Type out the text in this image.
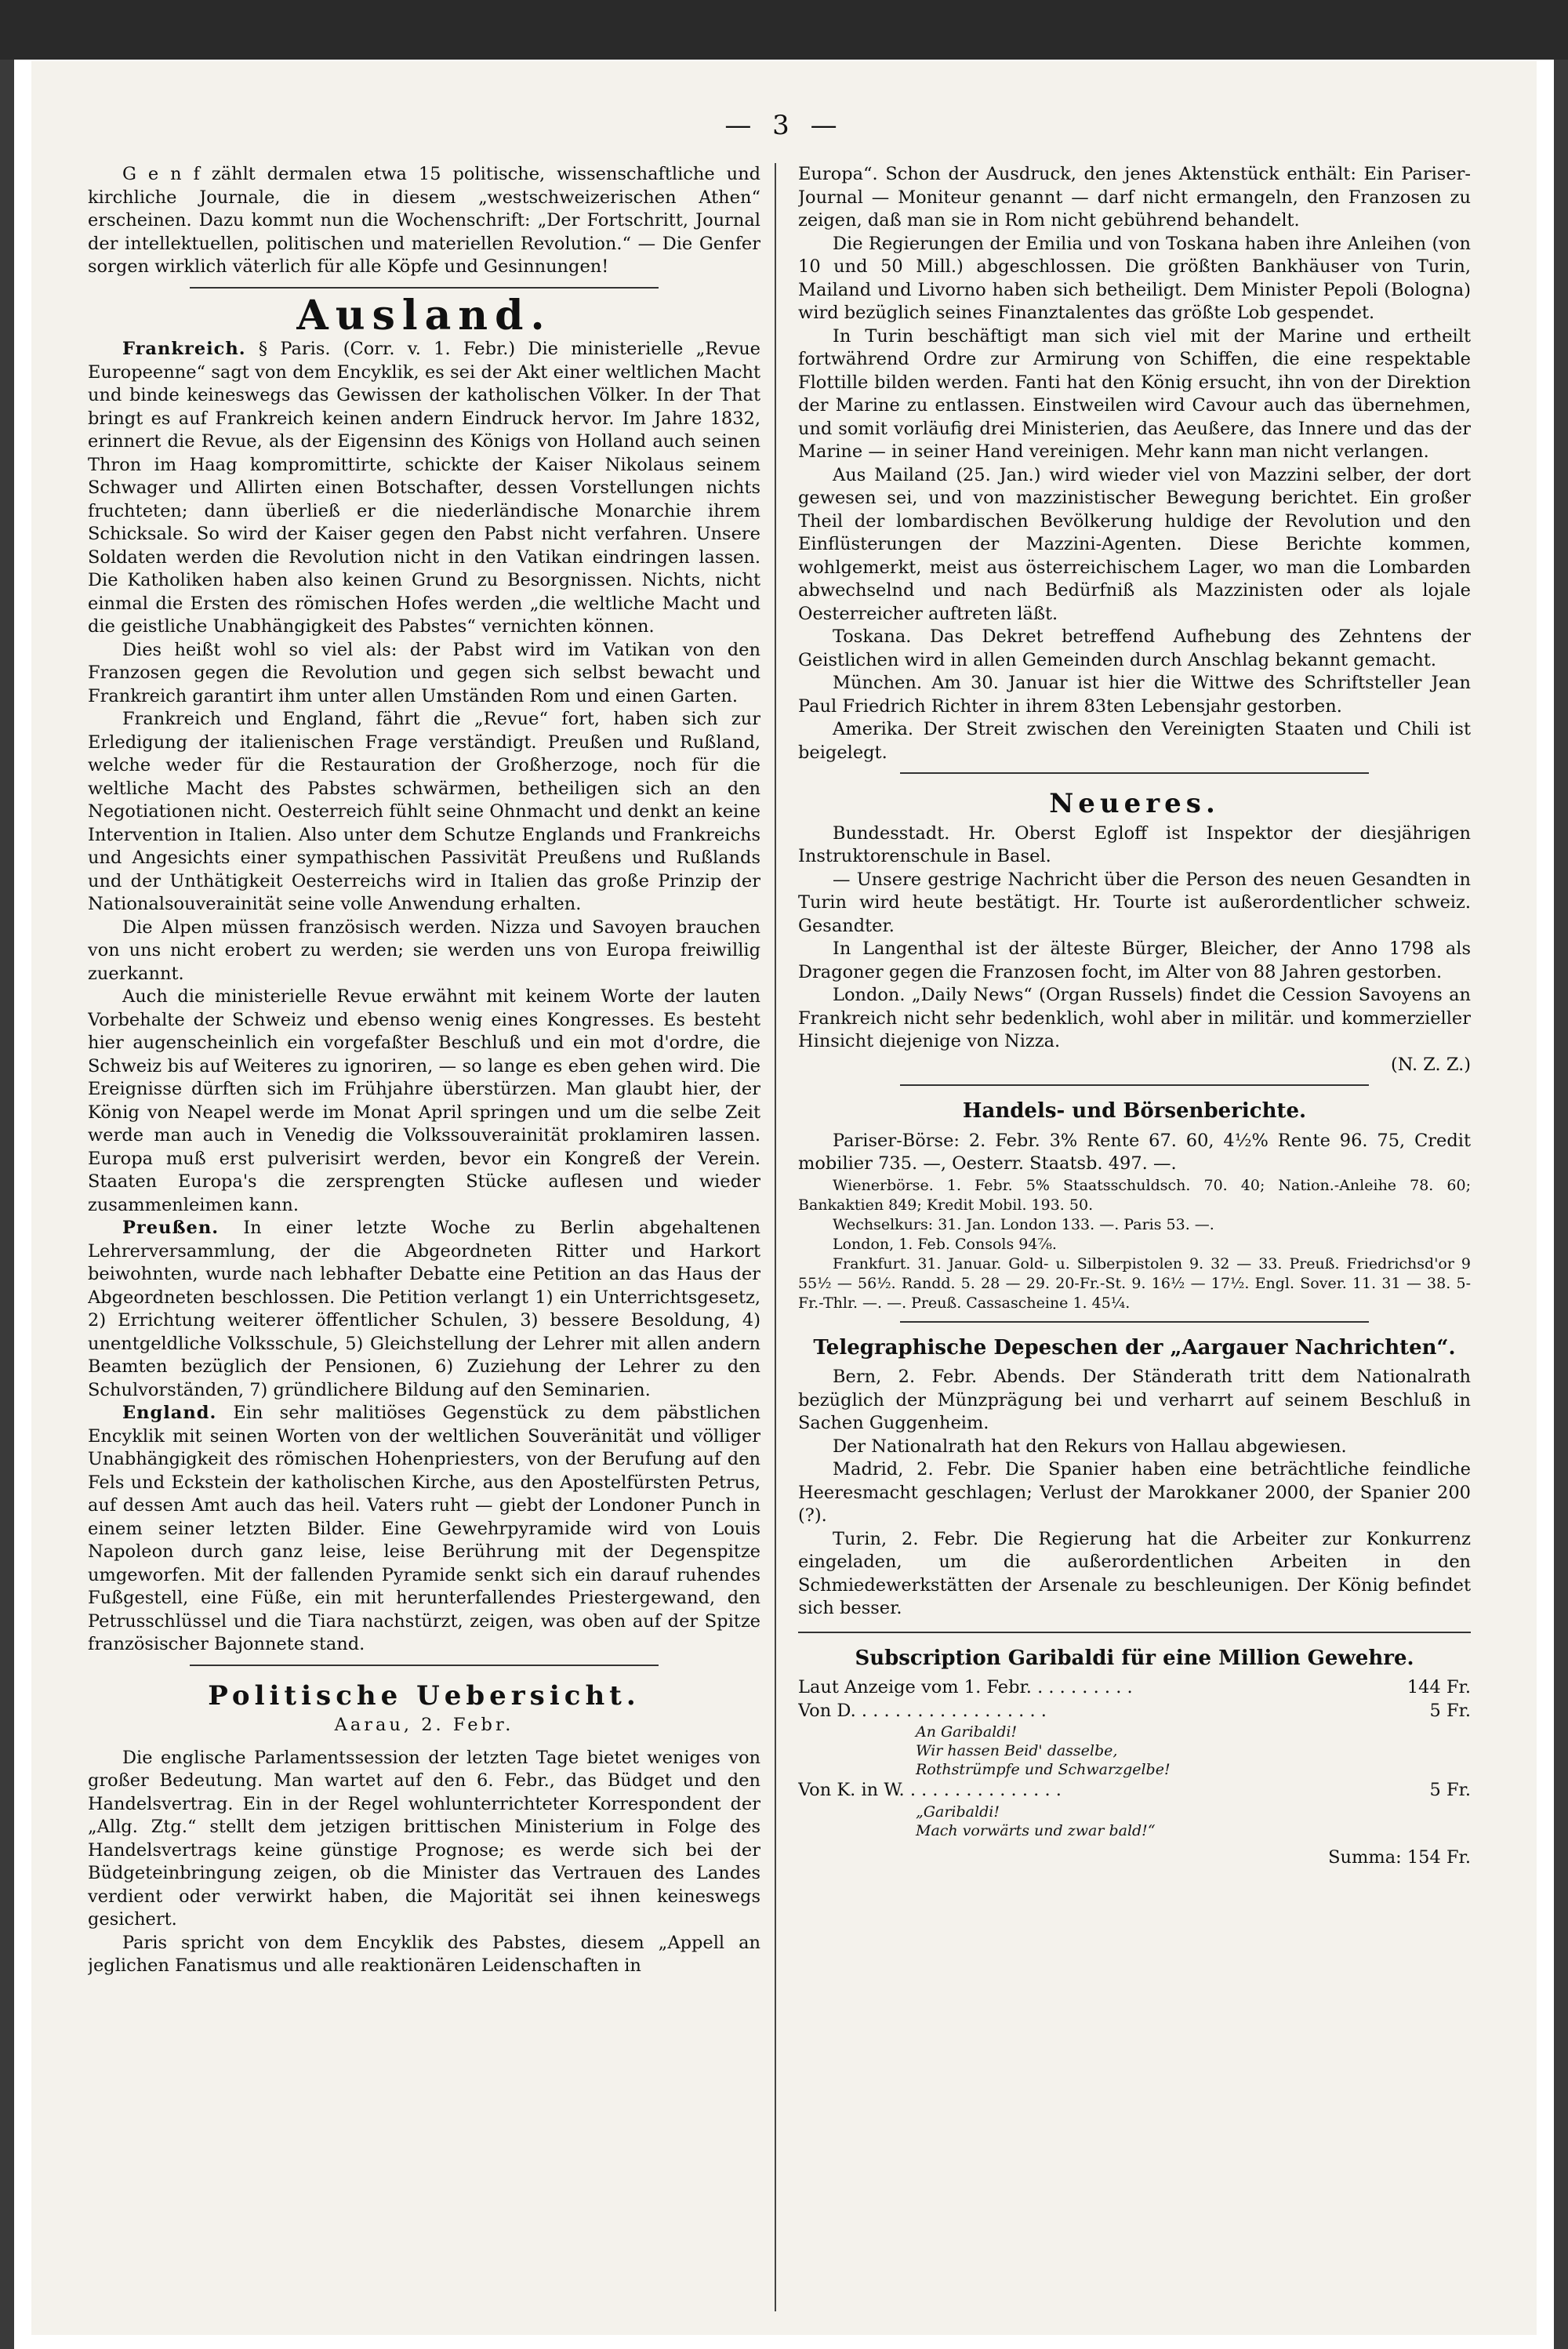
— 3 —

G e n f zählt dermalen etwa 15 politische, wissenschaftliche und kirchliche Journale, die in diesem „westschweizerischen Athen“ erscheinen. Dazu kommt nun die Wochenschrift: „Der Fortschritt, Journal der intellektuellen, politischen und materiellen Revolution.“ — Die Genfer sorgen wirklich väterlich für alle Köpfe und Gesinnungen!

Ausland.

Frankreich. § Paris. (Corr. v. 1. Febr.) Die ministerielle „Revue Europeenne“ sagt von dem Encyklik, es sei der Akt einer weltlichen Macht und binde keineswegs das Gewissen der katholischen Völker. In der That bringt es auf Frankreich keinen andern Eindruck hervor. Im Jahre 1832, erinnert die Revue, als der Eigensinn des Königs von Holland auch seinen Thron im Haag kompromittirte, schickte der Kaiser Nikolaus seinem Schwager und Allirten einen Botschafter, dessen Vorstellungen nichts fruchteten; dann überließ er die niederländische Monarchie ihrem Schicksale. So wird der Kaiser gegen den Pabst nicht verfahren. Unsere Soldaten werden die Revolution nicht in den Vatikan eindringen lassen. Die Katholiken haben also keinen Grund zu Besorgnissen. Nichts, nicht einmal die Ersten des römischen Hofes werden „die weltliche Macht und die geistliche Unabhängigkeit des Pabstes“ vernichten können.

Dies heißt wohl so viel als: der Pabst wird im Vatikan von den Franzosen gegen die Revolution und gegen sich selbst bewacht und Frankreich garantirt ihm unter allen Umständen Rom und einen Garten.

Frankreich und England, fährt die „Revue“ fort, haben sich zur Erledigung der italienischen Frage verständigt. Preußen und Rußland, welche weder für die Restauration der Großherzoge, noch für die weltliche Macht des Pabstes schwärmen, betheiligen sich an den Negotiationen nicht. Oesterreich fühlt seine Ohnmacht und denkt an keine Intervention in Italien. Also unter dem Schutze Englands und Frankreichs und Angesichts einer sympathischen Passivität Preußens und Rußlands und der Unthätigkeit Oesterreichs wird in Italien das große Prinzip der Nationalsouverainität seine volle Anwendung erhalten.

Die Alpen müssen französisch werden. Nizza und Savoyen brauchen von uns nicht erobert zu werden; sie werden uns von Europa freiwillig zuerkannt.

Auch die ministerielle Revue erwähnt mit keinem Worte der lauten Vorbehalte der Schweiz und ebenso wenig eines Kongresses. Es besteht hier augenscheinlich ein vorgefaßter Beschluß und ein mot d'ordre, die Schweiz bis auf Weiteres zu ignoriren, — so lange es eben gehen wird. Die Ereignisse dürften sich im Frühjahre überstürzen. Man glaubt hier, der König von Neapel werde im Monat April springen und um die selbe Zeit werde man auch in Venedig die Volkssouverainität proklamiren lassen. Europa muß erst pulverisirt werden, bevor ein Kongreß der Verein. Staaten Europa's die zersprengten Stücke auflesen und wieder zusammenleimen kann.

Preußen. In einer letzte Woche zu Berlin abgehaltenen Lehrerversammlung, der die Abgeordneten Ritter und Harkort beiwohnten, wurde nach lebhafter Debatte eine Petition an das Haus der Abgeordneten beschlossen. Die Petition verlangt 1) ein Unterrichtsgesetz, 2) Errichtung weiterer öffentlicher Schulen, 3) bessere Besoldung, 4) unentgeldliche Volksschule, 5) Gleichstellung der Lehrer mit allen andern Beamten bezüglich der Pensionen, 6) Zuziehung der Lehrer zu den Schulvorständen, 7) gründlichere Bildung auf den Seminarien.

England. Ein sehr malitiöses Gegenstück zu dem päbstlichen Encyklik mit seinen Worten von der weltlichen Souveränität und völliger Unabhängigkeit des römischen Hohenpriesters, von der Berufung auf den Fels und Eckstein der katholischen Kirche, aus den Apostelfürsten Petrus, auf dessen Amt auch das heil. Vaters ruht — giebt der Londoner Punch in einem seiner letzten Bilder. Eine Gewehrpyramide wird von Louis Napoleon durch ganz leise, leise Berührung mit der Degenspitze umgeworfen. Mit der fallenden Pyramide senkt sich ein darauf ruhendes Fußgestell, eine Füße, ein mit herunterfallendes Priestergewand, den Petrusschlüssel und die Tiara nachstürzt, zeigen, was oben auf der Spitze französischer Bajonnete stand.

Politische Uebersicht.
Aarau, 2. Febr.

Die englische Parlamentssession der letzten Tage bietet weniges von großer Bedeutung. Man wartet auf den 6. Febr., das Büdget und den Handelsvertrag. Ein in der Regel wohlunterrichteter Korrespondent der „Allg. Ztg.“ stellt dem jetzigen brittischen Ministerium in Folge des Handelsvertrags keine günstige Prognose; es werde sich bei der Büdgeteinbringung zeigen, ob die Minister das Vertrauen des Landes verdient oder verwirkt haben, die Majorität sei ihnen keineswegs gesichert.

Paris spricht von dem Encyklik des Pabstes, diesem „Appell an jeglichen Fanatismus und alle reaktionären Leidenschaften in

Europa“. Schon der Ausdruck, den jenes Aktenstück enthält: Ein Pariser-Journal — Moniteur genannt — darf nicht ermangeln, den Franzosen zu zeigen, daß man sie in Rom nicht gebührend behandelt.

Die Regierungen der Emilia und von Toskana haben ihre Anleihen (von 10 und 50 Mill.) abgeschlossen. Die größten Bankhäuser von Turin, Mailand und Livorno haben sich betheiligt. Dem Minister Pepoli (Bologna) wird bezüglich seines Finanztalentes das größte Lob gespendet.

In Turin beschäftigt man sich viel mit der Marine und ertheilt fortwährend Ordre zur Armirung von Schiffen, die eine respektable Flottille bilden werden. Fanti hat den König ersucht, ihn von der Direktion der Marine zu entlassen. Einstweilen wird Cavour auch das übernehmen, und somit vorläufig drei Ministerien, das Aeußere, das Innere und das der Marine — in seiner Hand vereinigen. Mehr kann man nicht verlangen.

Aus Mailand (25. Jan.) wird wieder viel von Mazzini selber, der dort gewesen sei, und von mazzinistischer Bewegung berichtet. Ein großer Theil der lombardischen Bevölkerung huldige der Revolution und den Einflüsterungen der Mazzini-Agenten. Diese Berichte kommen, wohlgemerkt, meist aus österreichischem Lager, wo man die Lombarden abwechselnd und nach Bedürfniß als Mazzinisten oder als lojale Oesterreicher auftreten läßt.

Toskana. Das Dekret betreffend Aufhebung des Zehntens der Geistlichen wird in allen Gemeinden durch Anschlag bekannt gemacht.

München. Am 30. Januar ist hier die Wittwe des Schriftsteller Jean Paul Friedrich Richter in ihrem 83ten Lebensjahr gestorben.

Amerika. Der Streit zwischen den Vereinigten Staaten und Chili ist beigelegt.

Neueres.

Bundesstadt. Hr. Oberst Egloff ist Inspektor der diesjährigen Instruktorenschule in Basel.

— Unsere gestrige Nachricht über die Person des neuen Gesandten in Turin wird heute bestätigt. Hr. Tourte ist außerordentlicher schweiz. Gesandter.

In Langenthal ist der älteste Bürger, Bleicher, der Anno 1798 als Dragoner gegen die Franzosen focht, im Alter von 88 Jahren gestorben.

London. „Daily News“ (Organ Russels) findet die Cession Savoyens an Frankreich nicht sehr bedenklich, wohl aber in militär. und kommerzieller Hinsicht diejenige von Nizza.

(N. Z. Z.)
Handels- und Börsenberichte.

Pariser-Börse: 2. Febr. 3% Rente 67. 60, 4½% Rente 96. 75, Credit mobilier 735. —, Oesterr. Staatsb. 497. —.

Wienerbörse. 1. Febr. 5% Staatsschuldsch. 70. 40; Nation.-Anleihe 78. 60; Bankaktien 849; Kredit Mobil. 193. 50.

Wechselkurs: 31. Jan. London 133. —. Paris 53. —.

London, 1. Feb. Consols 94⅞.

Frankfurt. 31. Januar. Gold- u. Silberpistolen 9. 32 — 33. Preuß. Friedrichsd'or 9 55½ — 56½. Randd. 5. 28 — 29. 20-Fr.-St. 9. 16½ — 17½. Engl. Sover. 11. 31 — 38. 5-Fr.-Thlr. —. —. Preuß. Cassascheine 1. 45¼.

Telegraphische Depeschen der „Aargauer Nachrichten“.

Bern, 2. Febr. Abends. Der Ständerath tritt dem Nationalrath bezüglich der Münzprägung bei und verharrt auf seinem Beschluß in Sachen Guggenheim.

Der Nationalrath hat den Rekurs von Hallau abgewiesen.

Madrid, 2. Febr. Die Spanier haben eine beträchtliche feindliche Heeresmacht geschlagen; Verlust der Marokkaner 2000, der Spanier 200 (?).

Turin, 2. Febr. Die Regierung hat die Arbeiter zur Konkurrenz eingeladen, um die außerordentlichen Arbeiten in den Schmiedewerkstätten der Arsenale zu beschleunigen. Der König befindet sich besser.

Subscription Garibaldi für eine Million Gewehre.
Laut Anzeige vom 1. Febr. . . . . . . . . .	144 Fr.
Von D. . . . . . . . . . . . . . . . . .	5 Fr.
An Garibaldi!
Wir hassen Beid' dasselbe,
Rothstrümpfe und Schwarzgelbe!
Von K. in W. . . . . . . . . . . . . . .	5 Fr.
„Garibaldi!
Mach vorwärts und zwar bald!“
Summa: 154 Fr.
